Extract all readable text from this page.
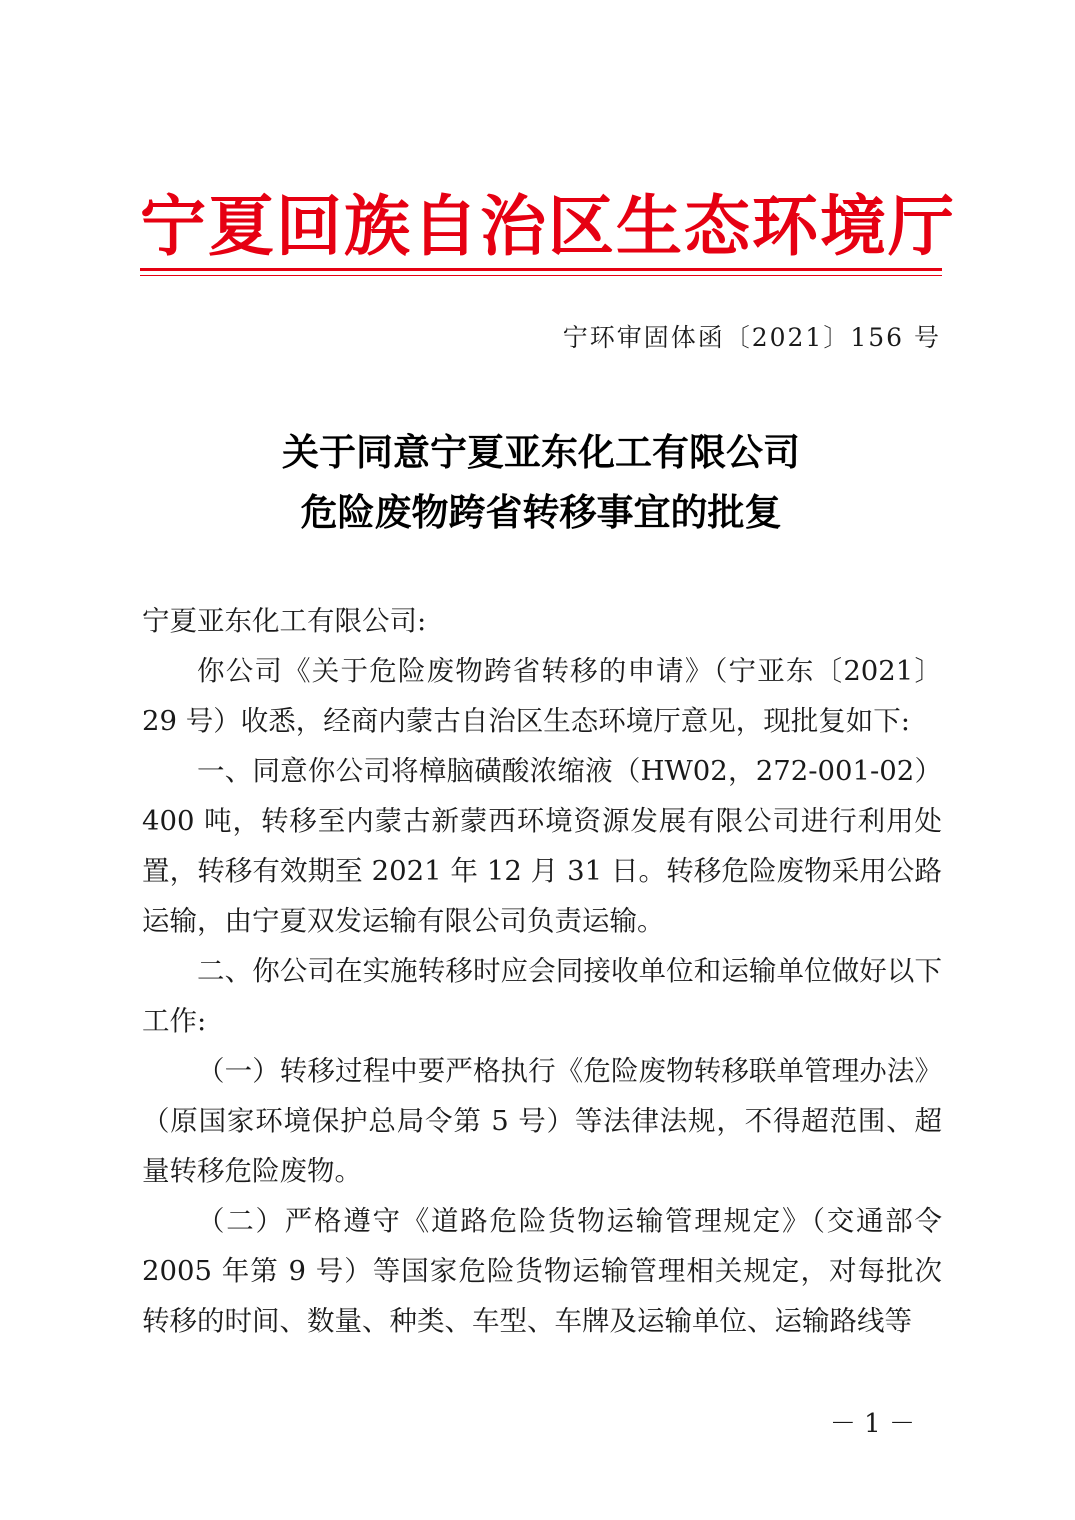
宁夏回族自治区生态环境厅
宁环审固体函〔2021〕156 号
关于同意宁夏亚东化工有限公司
危险废物跨省转移事宜的批复

宁夏亚东化工有限公司:

你公司《关于危险废物跨省转移的申请》（宁亚东〔2021〕29 号）收悉，经商内蒙古自治区生态环境厅意见，现批复如下:

一、同意你公司将樟脑磺酸浓缩液（HW02，272-001-02）400 吨，转移至内蒙古新蒙西环境资源发展有限公司进行利用处置，转移有效期至 2021 年 12 月 31 日。转移危险废物采用公路运输，由宁夏双发运输有限公司负责运输。

二、你公司在实施转移时应会同接收单位和运输单位做好以下工作:

（一）转移过程中要严格执行《危险废物转移联单管理办法》（原国家环境保护总局令第 5 号）等法律法规，不得超范围、超量转移危险废物。

（二）严格遵守《道路危险货物运输管理规定》（交通部令 2005 年第 9 号）等国家危险货物运输管理相关规定，对每批次转移的时间、数量、种类、车型、车牌及运输单位、运输路线等

－ 1 －
